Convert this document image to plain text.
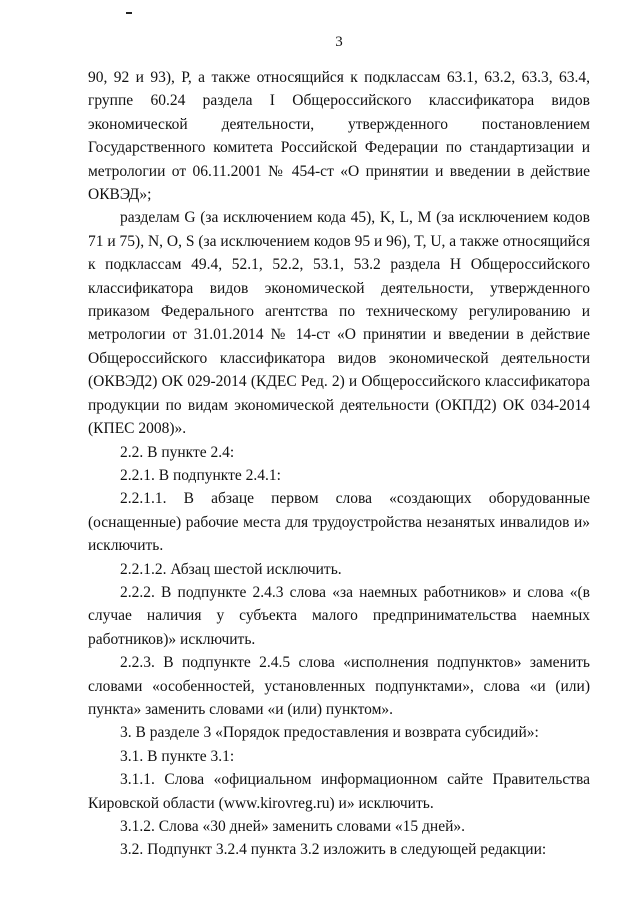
3

90, 92 и 93), Р, а также относящийся к подклассам 63.1, 63.2, 63.3, 63.4, группе 60.24 раздела I Общероссийского классификатора видов экономической деятельности, утвержденного постановлением Государственного комитета Российской Федерации по стандартизации и метрологии от 06.11.2001 № 454-ст «О принятии и введении в действие ОКВЭД»;

разделам G (за исключением кода 45), K, L, M (за исключением кодов 71 и 75), N, O, S (за исключением кодов 95 и 96), T, U, а также относящийся к подклассам 49.4, 52.1, 52.2, 53.1, 53.2 раздела H Общероссийского классификатора видов экономической деятельности, утвержденного приказом Федерального агентства по техническому регулированию и метрологии от 31.01.2014 № 14-ст «О принятии и введении в действие Общероссийского классификатора видов экономической деятельности (ОКВЭД2) ОК 029-2014 (КДЕС Ред. 2) и Общероссийского классификатора продукции по видам экономической деятельности (ОКПД2) ОК 034-2014 (КПЕС 2008)».

2.2. В пункте 2.4:

2.2.1. В подпункте 2.4.1:

2.2.1.1. В абзаце первом слова «создающих оборудованные (оснащенные) рабочие места для трудоустройства незанятых инвалидов и» исключить.

2.2.1.2. Абзац шестой исключить.

2.2.2. В подпункте 2.4.3 слова «за наемных работников» и слова «(в случае наличия у субъекта малого предпринимательства наемных работников)» исключить.

2.2.3. В подпункте 2.4.5 слова «исполнения подпунктов» заменить словами «особенностей, установленных подпунктами», слова «и (или) пункта» заменить словами «и (или) пунктом».

3. В разделе 3 «Порядок предоставления и возврата субсидий»:

3.1. В пункте 3.1:

3.1.1. Слова «официальном информационном сайте Правительства Кировской области (www.kirovreg.ru) и» исключить.

3.1.2. Слова «30 дней» заменить словами «15 дней».

3.2. Подпункт 3.2.4 пункта 3.2 изложить в следующей редакции:
